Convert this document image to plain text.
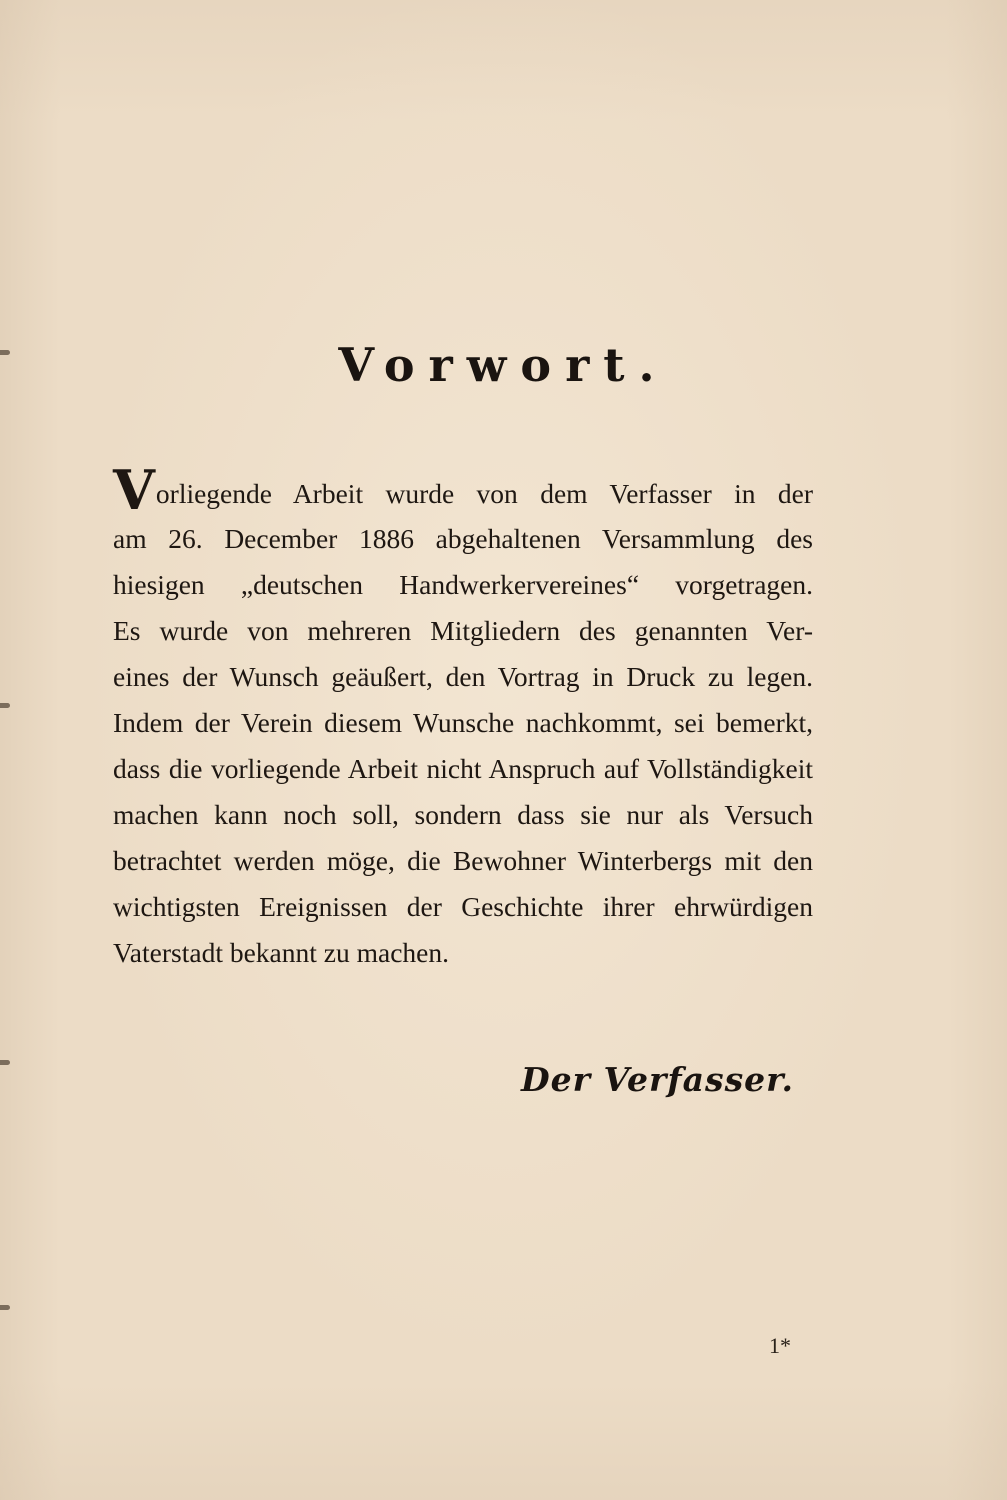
Vorwort.
Vorliegende Arbeit wurde von dem Verfasser in der
am 26. December 1886 abgehaltenen Versammlung des
hiesigen „deutschen Handwerkervereines“ vorgetragen.
Es wurde von mehreren Mitgliedern des genannten Ver-
eines der Wunsch geäußert, den Vortrag in Druck zu legen.
Indem der Verein diesem Wunsche nachkommt, sei bemerkt,
dass die vorliegende Arbeit nicht Anspruch auf Vollständigkeit
machen kann noch soll, sondern dass sie nur als Versuch
betrachtet werden möge, die Bewohner Winterbergs mit den
wichtigsten Ereignissen der Geschichte ihrer ehrwürdigen
Vaterstadt bekannt zu machen.
Der Verfasser.
1*
